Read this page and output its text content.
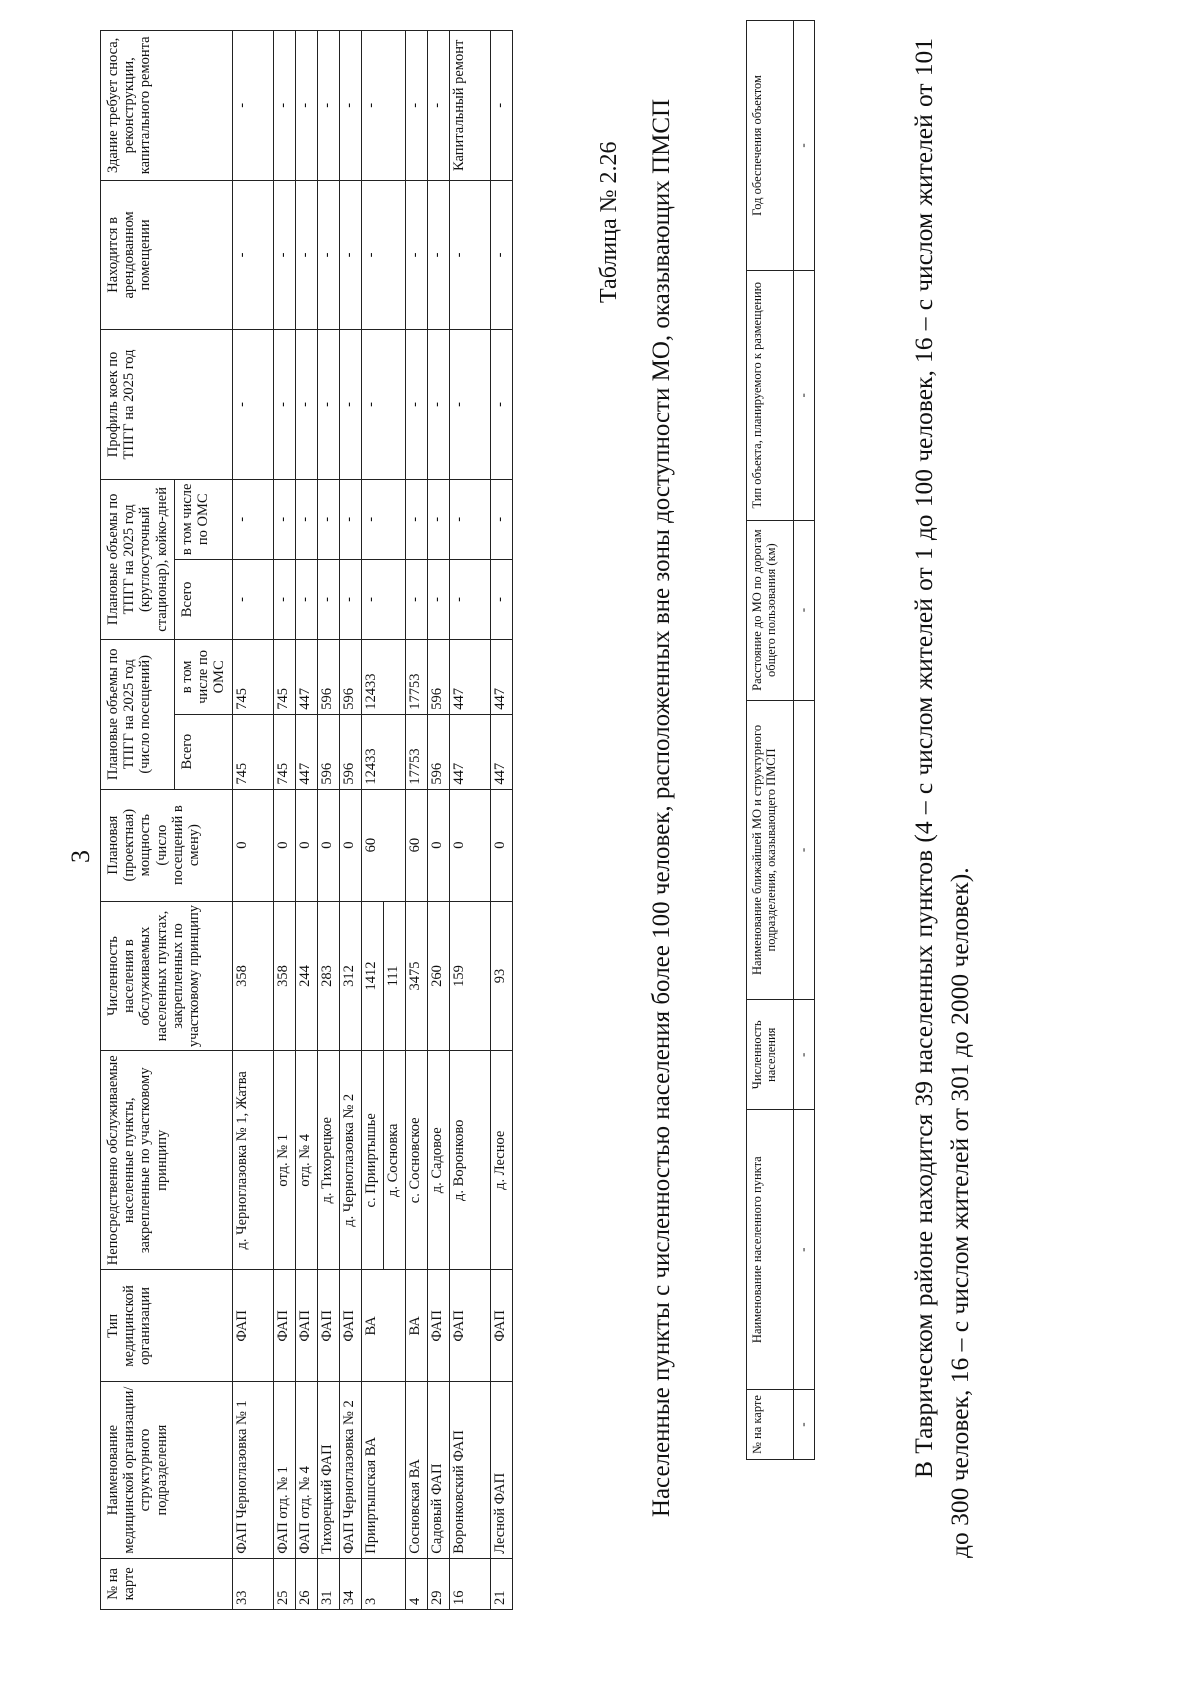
3
№ на карте	Наименование медицинской организации/ структурного подразделения	Тип медицинской организации	Непосредственно обслуживаемые населенные пункты, закрепленные по участковому принципу	Численность населения в обслуживаемых населенных пунктах, закрепленных по участковому принципу	Плановая (проектная) мощность (число посещений в смену)	Плановые объемы по ТПГГ на 2025 год (число посещений)		Плановые объемы по ТПГГ на 2025 год (круглосуточный стационар), койко-дней		Профиль коек по ТПГГ на 2025 год	Находится в арендованном помещении	Здание требует сноса, реконструкции, капитального ремонта
						Всего	в том числе по ОМС	Всего	в том числе по ОМС			
33	ФАП Черноглазовка № 1	ФАП	д. Черноглазовка № 1, Жатва	358	0	745	745	-	-	-	-	-
25	ФАП отд. № 1	ФАП	отд. № 1	358	0	745	745	-	-	-	-	-
26	ФАП отд. № 4	ФАП	отд. № 4	244	0	447	447	-	-	-	-	-
31	Тихорецкий ФАП	ФАП	д. Тихорецкое	283	0	596	596	-	-	-	-	-
34	ФАП Черноглазовка № 2	ФАП	д. Черноглазовка № 2	312	0	596	596	-	-	-	-	-
3	Прииртышская ВА	ВА	с. Прииртышье	1412	60	12433	12433	-	-	-	-	-
			д. Сосновка	111								
4	Сосновская ВА	ВА	с. Сосновское	3475	60	17753	17753	-	-	-	-	-
29	Садовый ФАП	ФАП	д. Садовое	260	0	596	596	-	-	-	-	-
16	Воронковский ФАП	ФАП	д. Воронково	159	0	447	447	-	-	-	-	Капитальный ремонт
21	Лесной ФАП	ФАП	д. Лесное	93	0	447	447	-	-	-	-	-
Таблица № 2.26 Населенные пункты с численностью населения более 100 человек, расположенных вне зоны доступности МО, оказывающих ПМСП	№ на карте	Наименование населенного пункта	Численность населения	Наименование ближайшей МО и структурного подразделения, оказывающего ПМСП	Расстояние до МО по дорогам общего пользования (км)	Тип объекта, планируемого к размещению	Год обеспечения объектом
-	-	-	-	-	-	-	В Таврическом районе находится 39 населенных пунктов (4 – с числом жителей от 1 до 100 человек, 16 – с числом жителей от 101 до 300 человек, 16 – с числом жителей от 301 до 2000 человек).
